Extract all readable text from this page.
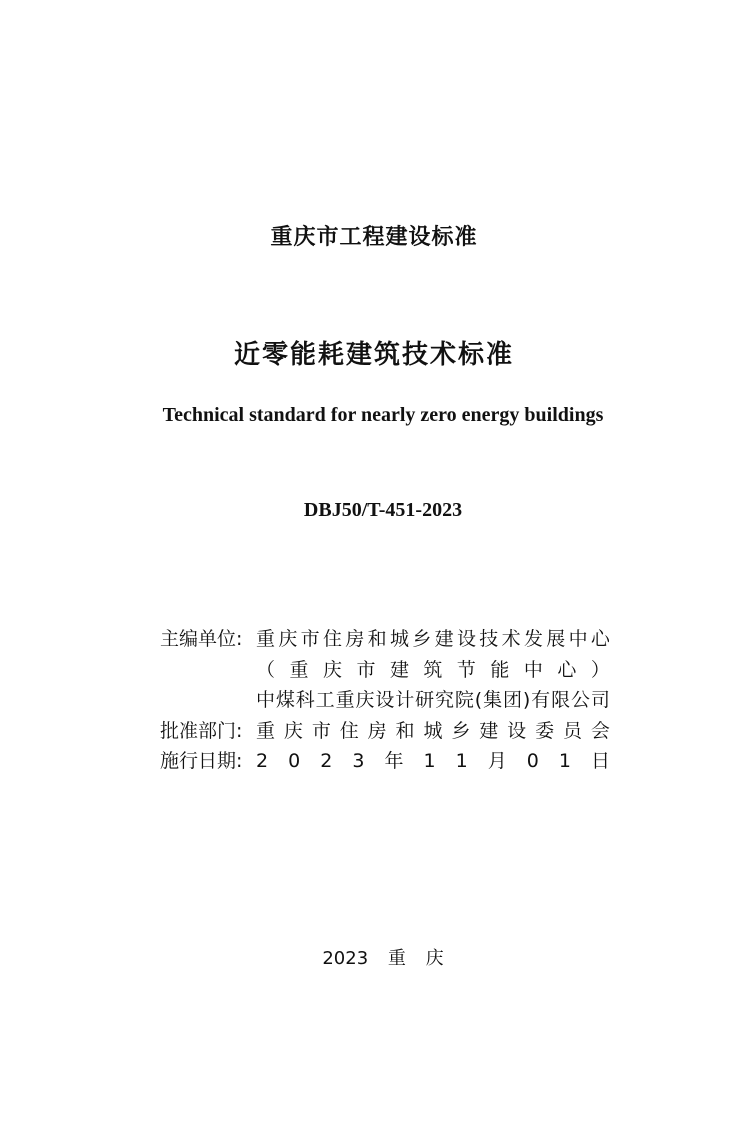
重庆市工程建设标准
近零能耗建筑技术标准
Technical standard for nearly zero energy buildings
DBJ50/T-451-2023
主编单位: 重 庆 市 住 房 和 城 乡 建 设 技 术 发 展 中 心
（ 重 庆 市 建 筑 节 能 中 心 ）
中 煤 科 工 重 庆 设 计 研 究 院 ( 集 团 ) 有 限 公 司
批准部门: 重 庆 市 住 房 和 城 乡 建 设 委 员 会
施行日期: 2 0 2 3 年 1 1 月 0 1 日
2023 重 庆
